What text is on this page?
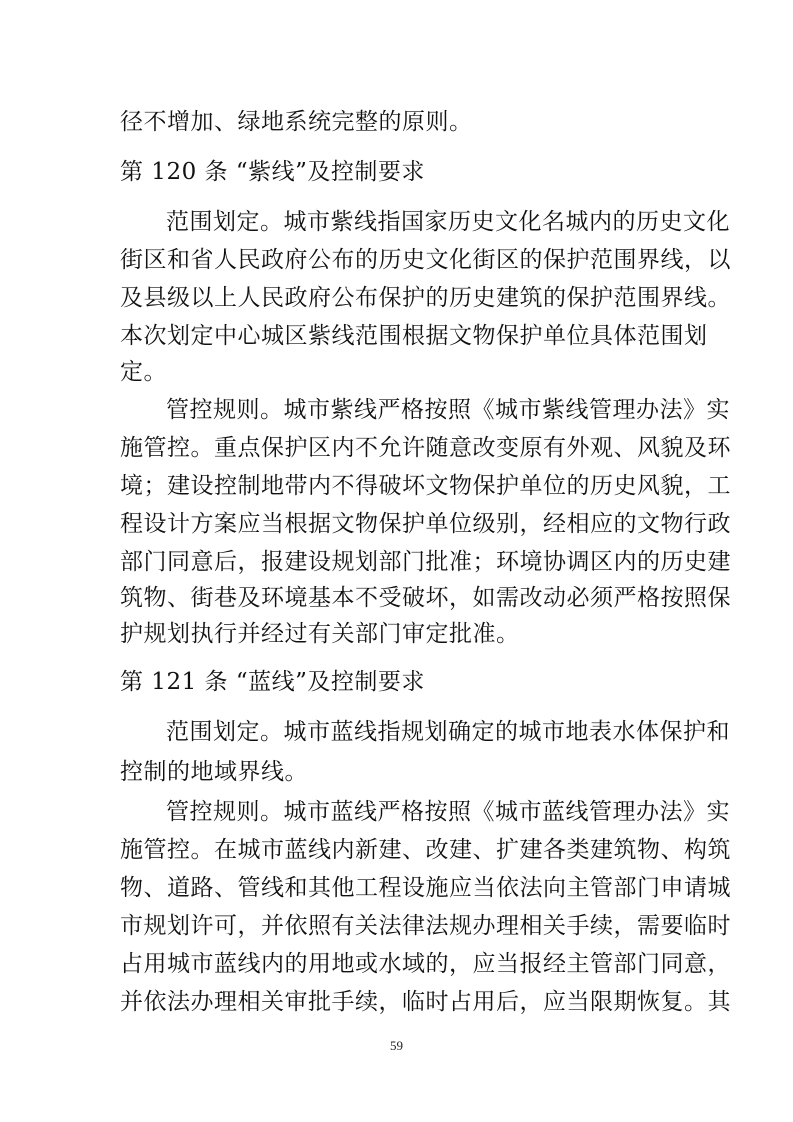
径不增加、绿地系统完整的原则。
第 120 条 “紫线”及控制要求
范围划定。城市紫线指国家历史文化名城内的历史文化
街区和省人民政府公布的历史文化街区的保护范围界线，以
及县级以上人民政府公布保护的历史建筑的保护范围界线。
本次划定中心城区紫线范围根据文物保护单位具体范围划
定。
管控规则。城市紫线严格按照《城市紫线管理办法》实
施管控。重点保护区内不允许随意改变原有外观、风貌及环
境；建设控制地带内不得破坏文物保护单位的历史风貌，工
程设计方案应当根据文物保护单位级别，经相应的文物行政
部门同意后，报建设规划部门批准；环境协调区内的历史建
筑物、街巷及环境基本不受破坏，如需改动必须严格按照保
护规划执行并经过有关部门审定批准。
第 121 条 “蓝线”及控制要求
范围划定。城市蓝线指规划确定的城市地表水体保护和
控制的地域界线。
管控规则。城市蓝线严格按照《城市蓝线管理办法》实
施管控。在城市蓝线内新建、改建、扩建各类建筑物、构筑
物、道路、管线和其他工程设施应当依法向主管部门申请城
市规划许可，并依照有关法律法规办理相关手续，需要临时
占用城市蓝线内的用地或水域的，应当报经主管部门同意，
并依法办理相关审批手续，临时占用后，应当限期恢复。其
59
